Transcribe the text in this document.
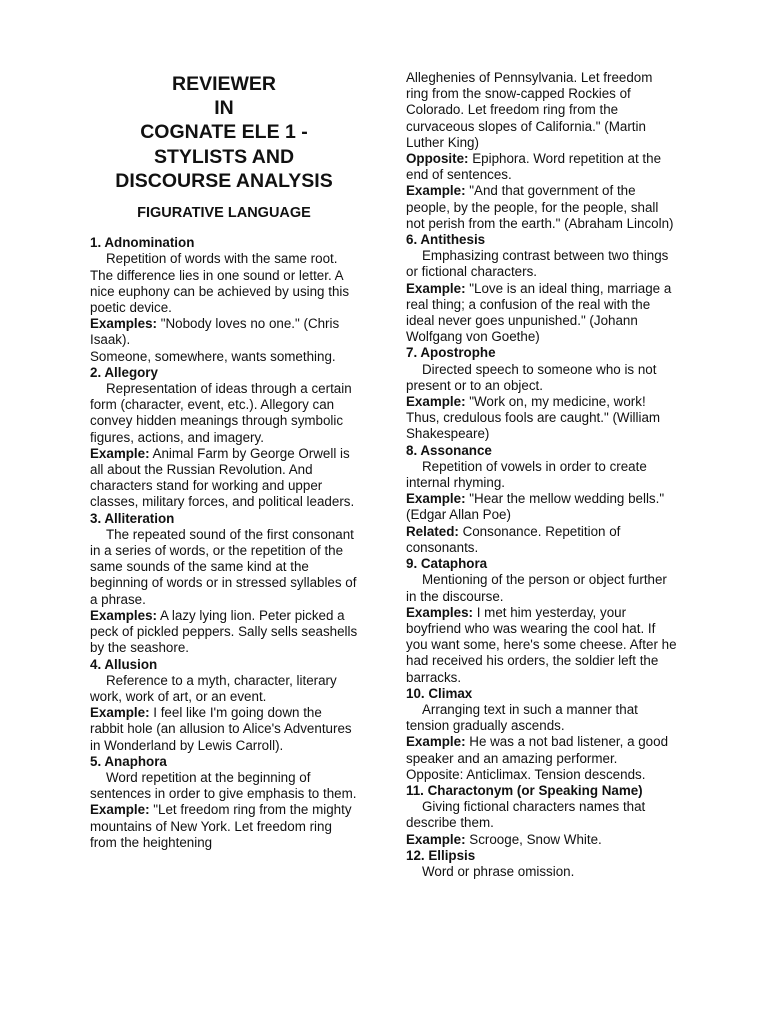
REVIEWER

IN

COGNATE ELE 1 -

STYLISTS AND

DISCOURSE ANALYSIS

FIGURATIVE LANGUAGE

1. Adnomination

Repetition of words with the same root. The difference lies in one sound or letter. A nice euphony can be achieved by using this poetic device.

Examples: "Nobody loves no one." (Chris Isaak).

Someone, somewhere, wants something.

2. Allegory

Representation of ideas through a certain form (character, event, etc.). Allegory can convey hidden meanings through symbolic figures, actions, and imagery.

Example: Animal Farm by George Orwell is all about the Russian Revolution. And characters stand for working and upper classes, military forces, and political leaders.

3. Alliteration

The repeated sound of the first consonant in a series of words, or the repetition of the same sounds of the same kind at the beginning of words or in stressed syllables of a phrase.

Examples: A lazy lying lion. Peter picked a peck of pickled peppers. Sally sells seashells by the seashore.

4. Allusion

Reference to a myth, character, literary work, work of art, or an event.

Example: I feel like I'm going down the rabbit hole (an allusion to Alice's Adventures in Wonderland by Lewis Carroll).

5. Anaphora

Word repetition at the beginning of sentences in order to give emphasis to them.

Example: "Let freedom ring from the mighty mountains of New York. Let freedom ring from the heightening

Alleghenies of Pennsylvania. Let freedom ring from the snow-capped Rockies of Colorado. Let freedom ring from the curvaceous slopes of California." (Martin Luther King)

Opposite: Epiphora. Word repetition at the end of sentences.

Example: "And that government of the people, by the people, for the people, shall not perish from the earth." (Abraham Lincoln)

6. Antithesis

Emphasizing contrast between two things or fictional characters.

Example: "Love is an ideal thing, marriage a real thing; a confusion of the real with the ideal never goes unpunished." (Johann Wolfgang von Goethe)

7. Apostrophe

Directed speech to someone who is not present or to an object.

Example: "Work on, my medicine, work! Thus, credulous fools are caught." (William Shakespeare)

8. Assonance

Repetition of vowels in order to create internal rhyming.

Example: "Hear the mellow wedding bells." (Edgar Allan Poe)

Related: Consonance. Repetition of consonants.

9. Cataphora

Mentioning of the person or object further in the discourse.

Examples: I met him yesterday, your boyfriend who was wearing the cool hat. If you want some, here's some cheese. After he had received his orders, the soldier left the barracks.

10. Climax

Arranging text in such a manner that tension gradually ascends.

Example: He was a not bad listener, a good speaker and an amazing performer. Opposite: Anticlimax. Tension descends.

11. Charactonym (or Speaking Name)

Giving fictional characters names that describe them.

Example: Scrooge, Snow White.

12. Ellipsis

Word or phrase omission.
